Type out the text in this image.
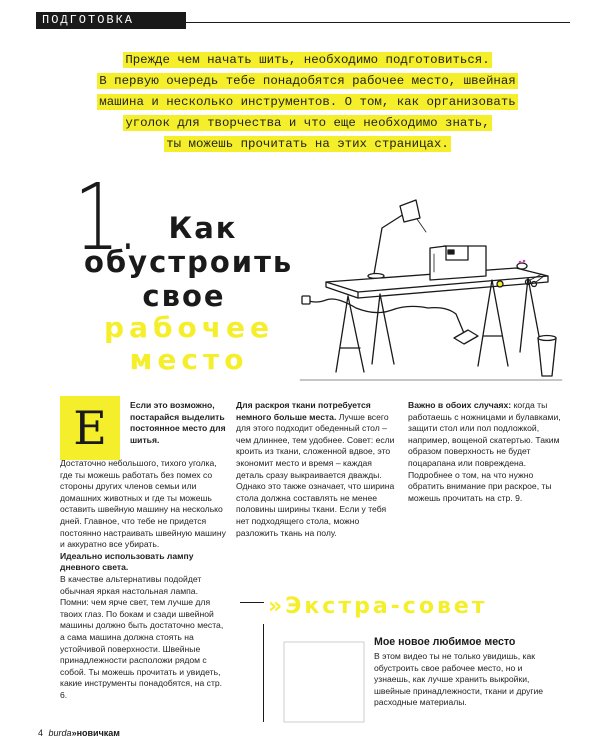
ПОДГОТОВКА
Прежде чем начать шить, необходимо подготовиться.
В первую очередь тебе понадобятся рабочее место, швейная
машина и несколько инструментов. О том, как организовать
уголок для творчества и что еще необходимо знать,
ты можешь прочитать на этих страницах.
1.	Как
обустроить
свое
рабочее
место
Е	Если это возможно, постарайся выделить постоянное место для шитья.
Достаточно небольшого, тихого уголка, где ты можешь работать без помех со стороны других членов семьи или домашних животных и где ты можешь оставить швейную машину на несколько дней. Главное, что тебе не придется постоянно настраивать швейную машину и аккуратно все убирать.
Идеально использовать лампу дневного света.
В качестве альтернативы подойдет обычная яркая настольная лампа. Помни: чем ярче свет, тем лучше для твоих глаз. По бокам и сзади швейной машины должно быть достаточно места, а сама машина должна стоять на устойчивой поверхности. Швейные принадлежности расположи рядом с собой. Ты можешь прочитать и увидеть, какие инструменты понадобятся, на стр. 6.
Для раскроя ткани потребуется немного больше места. Лучше всего для этого подходит обеденный стол – чем длиннее, тем удобнее. Совет: если кроить из ткани, сложенной вдвое, это экономит место и время – каждая деталь сразу выкраивается дважды. Однако это также означает, что ширина стола должна составлять не менее половины ширины ткани. Если у тебя нет подходящего стола, можно разложить ткань на полу.
Важно в обоих случаях: когда ты работаешь с ножницами и булавками, защити стол или пол подложкой, например, вощеной скатертью. Таким образом поверхность не будет поцарапана или повреждена. Подробнее о том, на что нужно обратить внимание при раскрое, ты можешь прочитать на стр. 9.
»Экстра-совет
Мое новое любимое место
В этом видео ты не только увидишь, как обустроить свое рабочее место, но и узнаешь, как лучше хранить выкройки, швейные принадлежности, ткани и другие расходные материалы.
4 burda»новичкам
